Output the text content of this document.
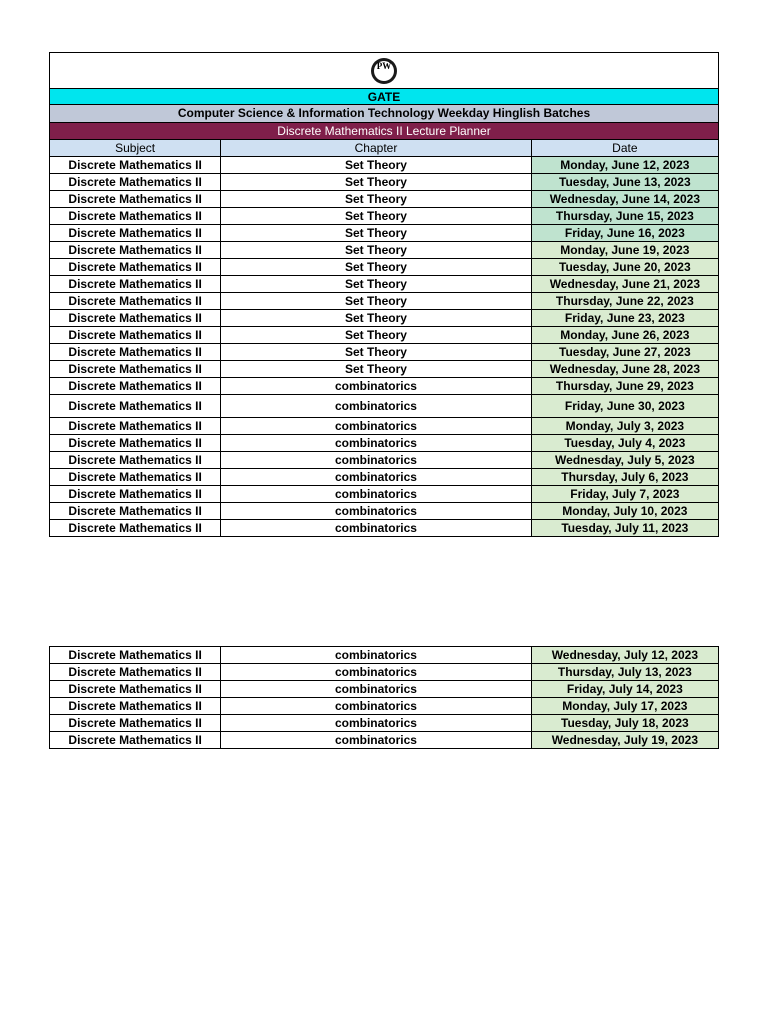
PW		

GATE		
Computer Science & Information Technology Weekday Hinglish Batches		
Discrete Mathematics II Lecture Planner		
Subject	Chapter	Date
Discrete Mathematics II	Set Theory	Monday, June 12, 2023
Discrete Mathematics II	Set Theory	Tuesday, June 13, 2023
Discrete Mathematics II	Set Theory	Wednesday, June 14, 2023
Discrete Mathematics II	Set Theory	Thursday, June 15, 2023
Discrete Mathematics II	Set Theory	Friday, June 16, 2023
Discrete Mathematics II	Set Theory	Monday, June 19, 2023
Discrete Mathematics II	Set Theory	Tuesday, June 20, 2023
Discrete Mathematics II	Set Theory	Wednesday, June 21, 2023
Discrete Mathematics II	Set Theory	Thursday, June 22, 2023
Discrete Mathematics II	Set Theory	Friday, June 23, 2023
Discrete Mathematics II	Set Theory	Monday, June 26, 2023
Discrete Mathematics II	Set Theory	Tuesday, June 27, 2023
Discrete Mathematics II	Set Theory	Wednesday, June 28, 2023
Discrete Mathematics II	combinatorics	Thursday, June 29, 2023
Discrete Mathematics II	combinatorics	Friday, June 30, 2023
Discrete Mathematics II	combinatorics	Monday, July 3, 2023
Discrete Mathematics II	combinatorics	Tuesday, July 4, 2023
Discrete Mathematics II	combinatorics	Wednesday, July 5, 2023
Discrete Mathematics II	combinatorics	Thursday, July 6, 2023
Discrete Mathematics II	combinatorics	Friday, July 7, 2023
Discrete Mathematics II	combinatorics	Monday, July 10, 2023
Discrete Mathematics II	combinatorics	Tuesday, July 11, 2023
Discrete Mathematics II	combinatorics	Wednesday, July 12, 2023
Discrete Mathematics II	combinatorics	Thursday, July 13, 2023
Discrete Mathematics II	combinatorics	Friday, July 14, 2023
Discrete Mathematics II	combinatorics	Monday, July 17, 2023
Discrete Mathematics II	combinatorics	Tuesday, July 18, 2023
Discrete Mathematics II	combinatorics	Wednesday, July 19, 2023
